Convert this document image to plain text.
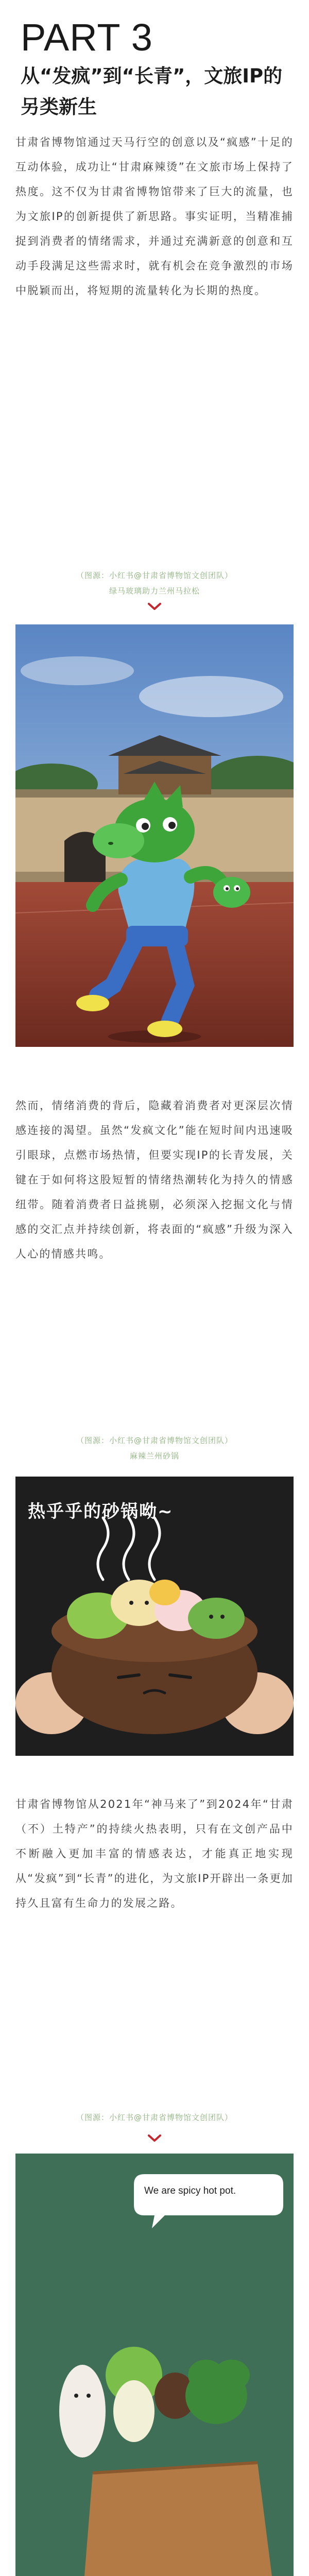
PART 3
从“发疯”到“长青”，文旅IP的另类新生

甘肃省博物馆通过天马行空的创意以及“疯感”十足的互动体验，成功让“甘肃麻辣烫”在文旅市场上保持了热度。这不仅为甘肃省博物馆带来了巨大的流量，也为文旅IP的创新提供了新思路。事实证明，当精准捕捉到消费者的情绪需求，并通过充满新意的创意和互动手段满足这些需求时，就有机会在竞争激烈的市场中脱颖而出，将短期的流量转化为长期的热度。

（图源：小红书@甘肃省博物馆文创团队）
绿马玻璃助力兰州马拉松

然而，情绪消费的背后，隐藏着消费者对更深层次情感连接的渴望。虽然“发疯文化”能在短时间内迅速吸引眼球，点燃市场热情，但要实现IP的长青发展，关键在于如何将这股短暂的情绪热潮转化为持久的情感纽带。随着消费者日益挑剔，必须深入挖掘文化与情感的交汇点并持续创新，将表面的“疯感”升级为深入人心的情感共鸣。

（图源：小红书@甘肃省博物馆文创团队）
麻辣兰州砂锅
热乎乎的砂锅呦~

甘肃省博物馆从2021年“神马来了”到2024年“甘肃（不）土特产”的持续火热表明，只有在文创产品中不断融入更加丰富的情感表达，才能真正地实现从“发疯”到“长青”的进化，为文旅IP开辟出一条更加持久且富有生命力的发展之路。

（图源：小红书@甘肃省博物馆文创团队）
We are spicy hot pot.
